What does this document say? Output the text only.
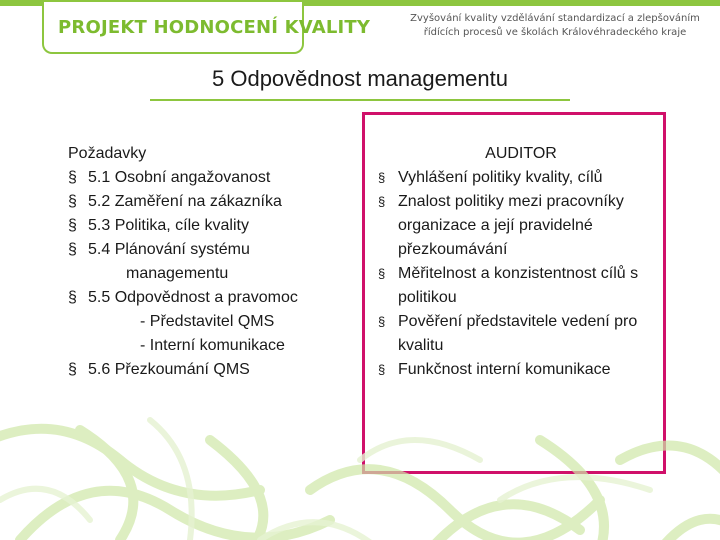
PROJEKT HODNOCENÍ KVALITY	Zvyšování kvality vzdělávání standardizací a zlepšováním řídících procesů ve školách Královéhradeckého kraje
5 Odpovědnost managementu

Požadavky

§ 5.1 Osobní angažovanost
§ 5.2 Zaměření na zákazníka
§ 5.3 Politika, cíle kvality
§ 5.4 Plánování systému
managementu
§ 5.5 Odpovědnost a pravomoc
- Představitel QMS
- Interní komunikace
§ 5.6 Přezkoumání QMS

AUDITOR

§ Vyhlášení politiky kvality, cílů
§ Znalost politiky mezi pracovníky organizace a její pravidelné přezkoumávání
§ Měřitelnost a konzistentnost cílů s politikou
§ Pověření představitele vedení pro kvalitu
§ Funkčnost interní komunikace
